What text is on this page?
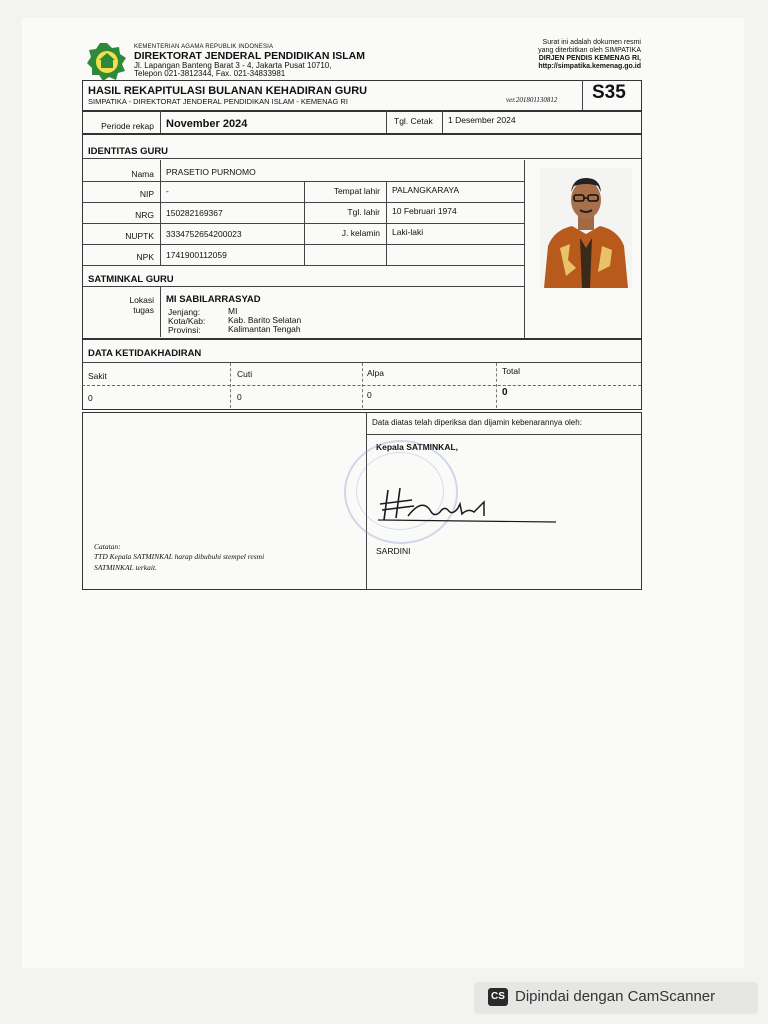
KEMENTERIAN AGAMA REPUBLIK INDONESIA
DIREKTORAT JENDERAL PENDIDIKAN ISLAM
Jl. Lapangan Banteng Barat 3 - 4, Jakarta Pusat 10710,
Telepon 021-3812344, Fax. 021-34833981
Surat ini adalah dokumen resmi
yang diterbitkan oleh SIMPATIKA
DIRJEN PENDIS KEMENAG RI,
http://simpatika.kemenag.go.id
HASIL REKAPITULASI BULANAN KEHADIRAN GURU
SIMPATIKA - DIREKTORAT JENDERAL PENDIDIKAN ISLAM - KEMENAG RI	ver.201801130812 S35
Periode rekap November 2024	Tgl. Cetak 1 Desember 2024
IDENTITAS GURU
Nama PRASETIO PURNOMO
NIP -	Tempat lahir PALANGKARAYA
NRG 150282169367	Tgl. lahir 10 Februari 1974
NUPTK 3334752654200023	J. kelamin Laki-laki
NPK 1741900112059
SATMINKAL GURU
Lokasi
tugas
MI SABILARRASYAD
Jenjang:	MI
Kota/Kab:	Kab. Barito Selatan
Provinsi:	Kalimantan Tengah
DATA KETIDAKHADIRAN
Sakit	Cuti	Alpa	Total
0	0	0	0
Data diatas telah diperiksa dan dijamin kebenarannya oleh:
Kepala SATMINKAL,
SARDINI
Catatan:
TTD Kepala SATMINKAL harap dibubuhi stempel resmi
SATMINKAL terkait.
CS Dipindai dengan CamScanner
